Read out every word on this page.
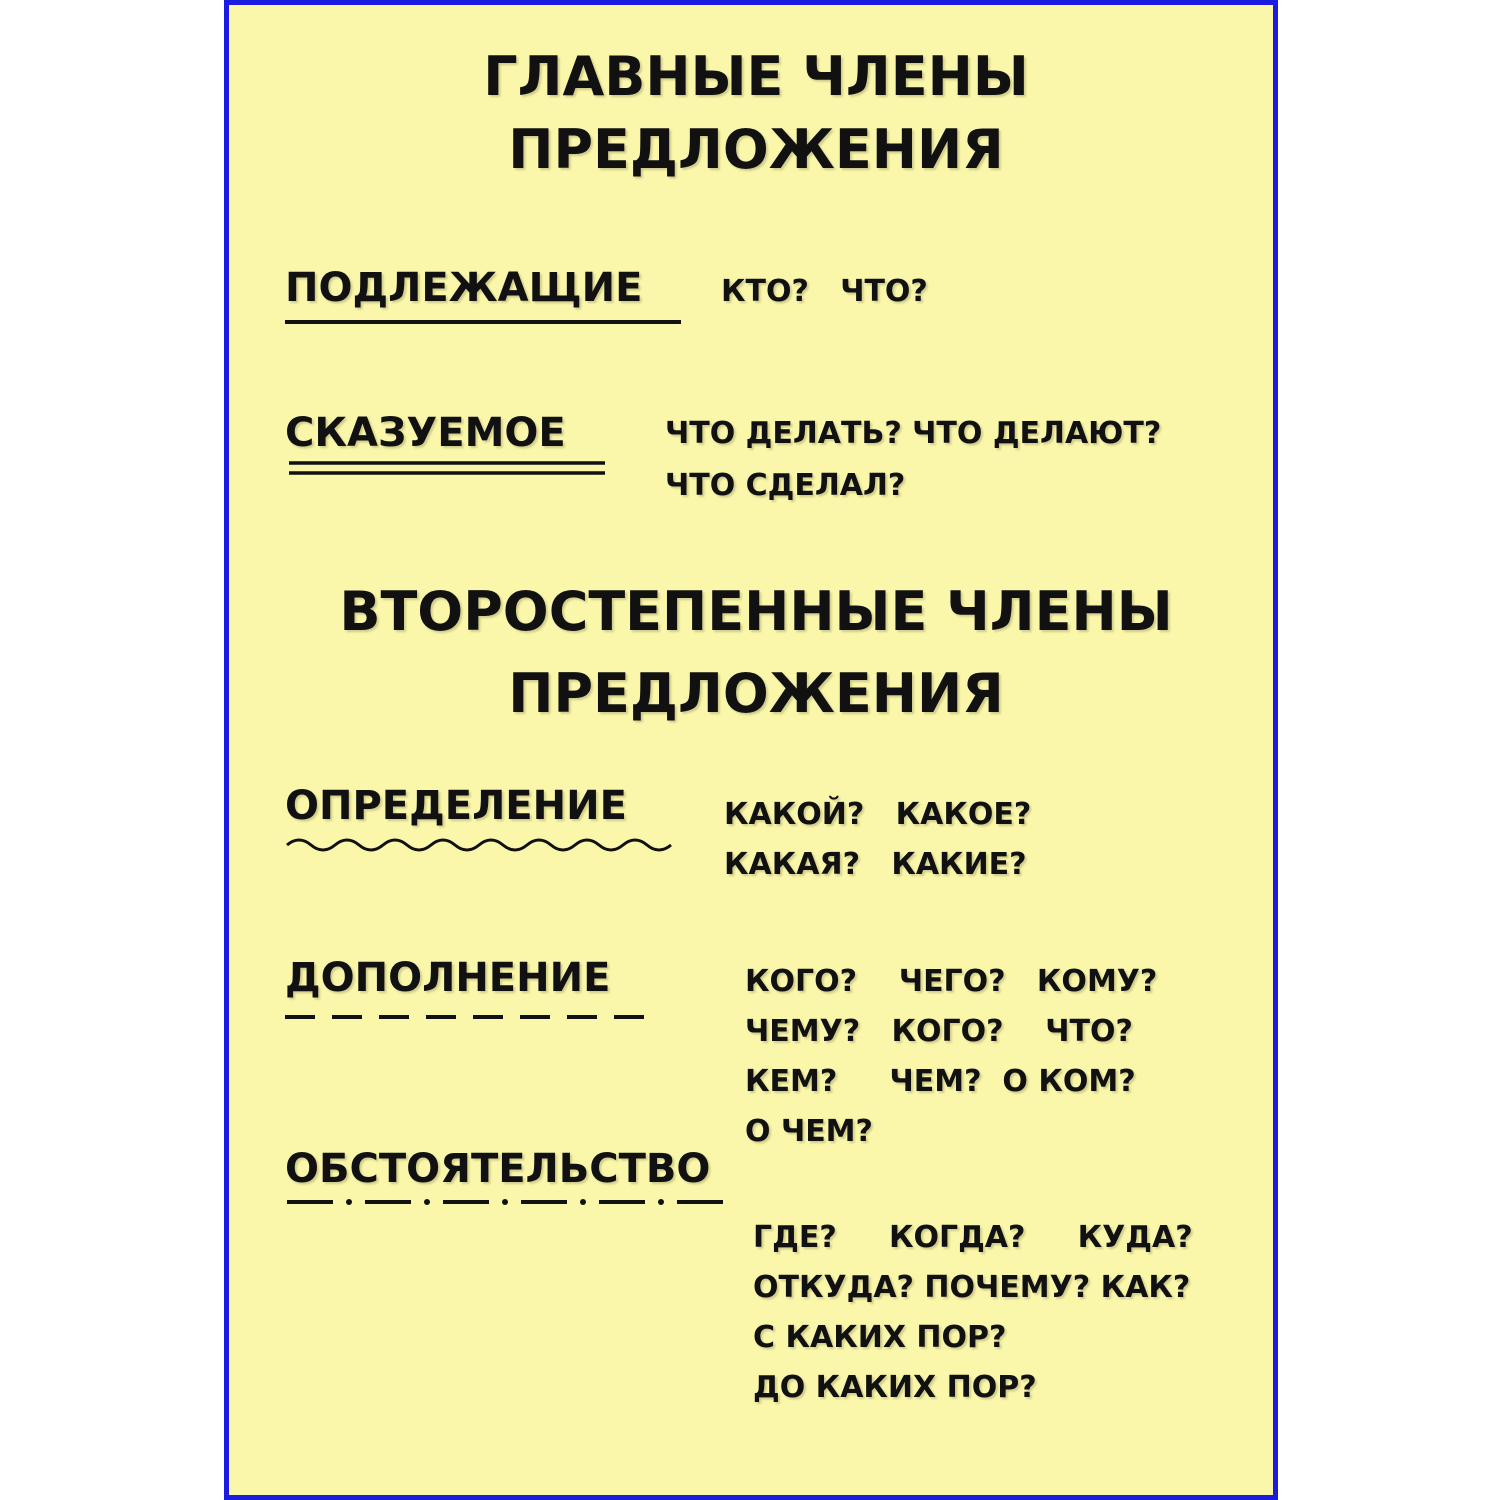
ГЛАВНЫЕ ЧЛЕНЫ
ПРЕДЛОЖЕНИЯ
ПОДЛЕЖАЩИЕ	КТО?   ЧТО?
СКАЗУЕМОЕ	ЧТО ДЕЛАТЬ? ЧТО ДЕЛАЮТ?
ЧТО СДЕЛАЛ?
ВТОРОСТЕПЕННЫЕ ЧЛЕНЫ
ПРЕДЛОЖЕНИЯ
ОПРЕДЕЛЕНИЕ	КАКОЙ?   КАКОЕ?
КАКАЯ?   КАКИЕ?
ДОПОЛНЕНИЕ	КОГО?    ЧЕГО?   КОМУ?
ЧЕМУ?   КОГО?    ЧТО?
КЕМ?     ЧЕМ?  О КОМ?
О ЧЕМ?
ОБСТОЯТЕЛЬСТВО
ГДЕ?     КОГДА?     КУДА?
ОТКУДА? ПОЧЕМУ? КАК?
С КАКИХ ПОР?
ДО КАКИХ ПОР?
